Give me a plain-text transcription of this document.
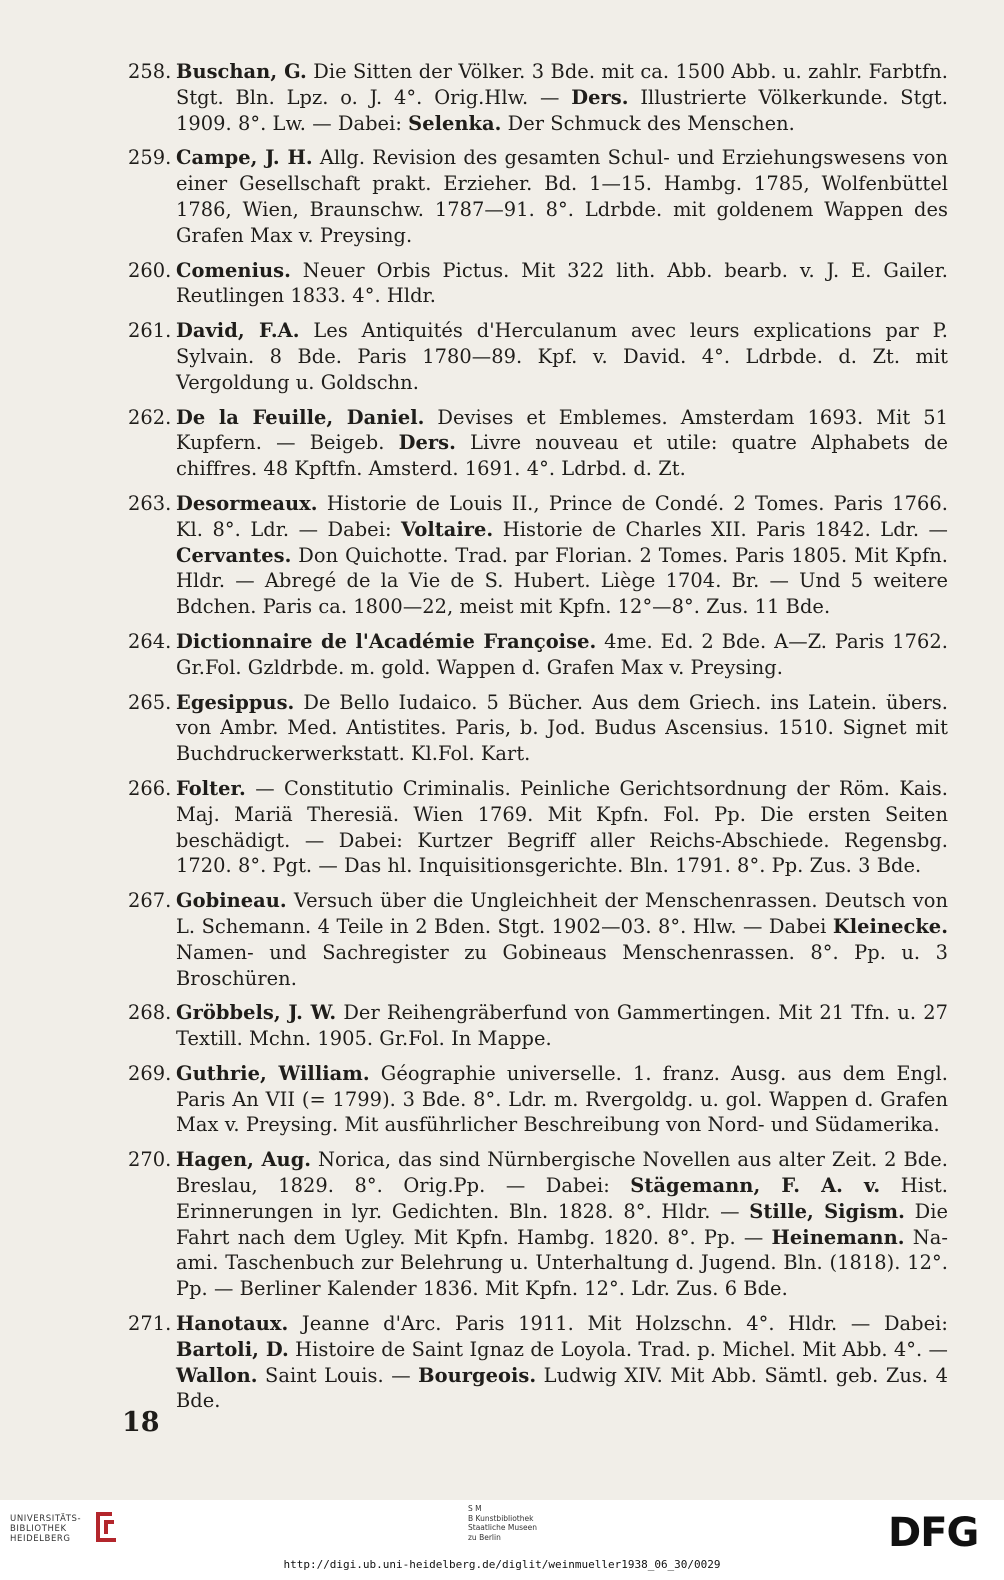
258. Buschan, G. Die Sitten der Völker. 3 Bde. mit ca. 1500 Abb. u. zahlr. Farbtfn. Stgt. Bln. Lpz. o. J. 4°. Orig.Hlw. — Ders. Illustrierte Völkerkunde. Stgt. 1909. 8°. Lw. — Dabei: Selenka. Der Schmuck des Menschen.
259. Campe, J. H. Allg. Revision des gesamten Schul- und Erziehungswesens von einer Gesellschaft prakt. Erzieher. Bd. 1—15. Hambg. 1785, Wolfenbüttel 1786, Wien, Braunschw. 1787—91. 8°. Ldrbde. mit goldenem Wappen des Grafen Max v. Preysing.
260. Comenius. Neuer Orbis Pictus. Mit 322 lith. Abb. bearb. v. J. E. Gailer. Reutlingen 1833. 4°. Hldr.
261. David, F.A. Les Antiquités d'Herculanum avec leurs explications par P. Sylvain. 8 Bde. Paris 1780—89. Kpf. v. David. 4°. Ldrbde. d. Zt. mit Vergoldung u. Goldschn.
262. De la Feuille, Daniel. Devises et Emblemes. Amsterdam 1693. Mit 51 Kupfern. — Beigeb. Ders. Livre nouveau et utile: quatre Alphabets de chiffres. 48 Kpftfn. Amsterd. 1691. 4°. Ldrbd. d. Zt.
263. Desormeaux. Historie de Louis II., Prince de Condé. 2 Tomes. Paris 1766. Kl. 8°. Ldr. — Dabei: Voltaire. Historie de Charles XII. Paris 1842. Ldr. — Cervantes. Don Quichotte. Trad. par Florian. 2 Tomes. Paris 1805. Mit Kpfn. Hldr. — Abregé de la Vie de S. Hubert. Liège 1704. Br. — Und 5 weitere Bdchen. Paris ca. 1800—22, meist mit Kpfn. 12°—8°. Zus. 11 Bde.
264. Dictionnaire de l'Académie Françoise. 4me. Ed. 2 Bde. A—Z. Paris 1762. Gr.Fol. Gzldrbde. m. gold. Wappen d. Grafen Max v. Preysing.
265. Egesippus. De Bello Iudaico. 5 Bücher. Aus dem Griech. ins Latein. übers. von Ambr. Med. Antistites. Paris, b. Jod. Budus Ascensius. 1510. Signet mit Buchdruckerwerkstatt. Kl.Fol. Kart.
266. Folter. — Constitutio Criminalis. Peinliche Gerichtsordnung der Röm. Kais. Maj. Mariä Theresiä. Wien 1769. Mit Kpfn. Fol. Pp. Die ersten Seiten beschädigt. — Dabei: Kurtzer Begriff aller Reichs-Abschiede. Regensbg. 1720. 8°. Pgt. — Das hl. Inquisitionsgerichte. Bln. 1791. 8°. Pp. Zus. 3 Bde.
267. Gobineau. Versuch über die Ungleichheit der Menschenrassen. Deutsch von L. Schemann. 4 Teile in 2 Bden. Stgt. 1902—03. 8°. Hlw. — Dabei Kleinecke. Namen- und Sachregister zu Gobineaus Menschenrassen. 8°. Pp. u. 3 Broschüren.
268. Gröbbels, J. W. Der Reihengräberfund von Gammertingen. Mit 21 Tfn. u. 27 Textill. Mchn. 1905. Gr.Fol. In Mappe.
269. Guthrie, William. Géographie universelle. 1. franz. Ausg. aus dem Engl. Paris An VII (= 1799). 3 Bde. 8°. Ldr. m. Rvergoldg. u. gol. Wappen d. Grafen Max v. Preysing. Mit ausführlicher Beschreibung von Nord- und Südamerika.
270. Hagen, Aug. Norica, das sind Nürnbergische Novellen aus alter Zeit. 2 Bde. Breslau, 1829. 8°. Orig.Pp. — Dabei: Stägemann, F. A. v. Hist. Erinnerungen in lyr. Gedichten. Bln. 1828. 8°. Hldr. — Stille, Sigism. Die Fahrt nach dem Ugley. Mit Kpfn. Hambg. 1820. 8°. Pp. — Heinemann. Na-ami. Taschenbuch zur Belehrung u. Unterhaltung d. Jugend. Bln. (1818). 12°. Pp. — Berliner Kalender 1836. Mit Kpfn. 12°. Ldr. Zus. 6 Bde.
271. Hanotaux. Jeanne d'Arc. Paris 1911. Mit Holzschn. 4°. Hldr. — Dabei: Bartoli, D. Histoire de Saint Ignaz de Loyola. Trad. p. Michel. Mit Abb. 4°. — Wallon. Saint Louis. — Bourgeois. Ludwig XIV. Mit Abb. Sämtl. geb. Zus. 4 Bde.
18
UNIVERSITÄTS-
BIBLIOTHEK
HEIDELBERG
S M
B Kunstbibliothek
Staatliche Museen
zu Berlin	DFG
http://digi.ub.uni-heidelberg.de/diglit/weinmueller1938_06_30/0029
